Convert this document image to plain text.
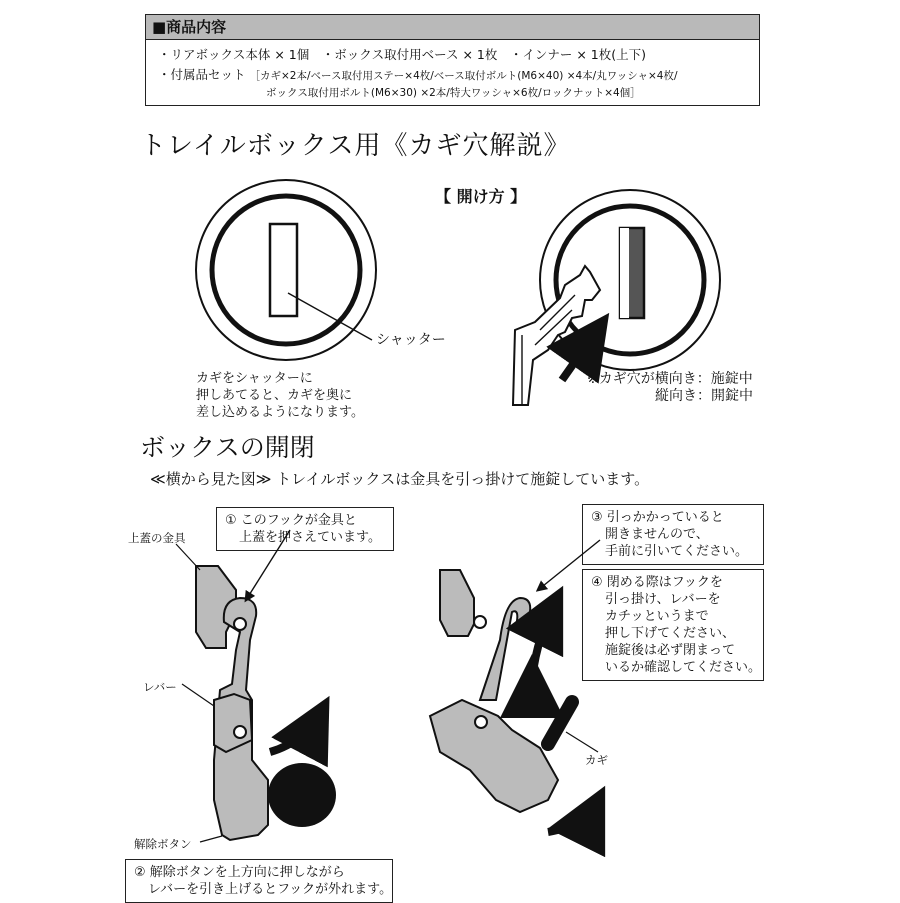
■商品内容
・リアボックス本体 × 1個　・ボックス取付用ベース × 1枚　・インナー × 1枚(上下)
・付属品セット ［カギ×2本/ベース取付用ステー×4枚/ベース取付ボルト(M6×40) ×4本/丸ワッシャ×4枚/
ボックス取付用ボルト(M6×30) ×2本/特大ワッシャ×6枚/ロックナット×4個］
トレイルボックス用《カギ穴解説》
【 開け方 】
シャッター
カギをシャッターに
押しあてると、カギを奥に
差し込めるようになります。
※カギ穴が横向き：施錠中
縦向き：開錠中
ボックスの開閉
≪横から見た図≫ トレイルボックスは金具を引っ掛けて施錠しています。
① このフックが金具と
上蓋を押さえています。
② 解除ボタンを上方向に押しながら
レバーを引き上げるとフックが外れます。
③ 引っかかっていると
開きませんので、
手前に引いてください。
④ 閉める際はフックを
引っ掛け、レバーを
カチッというまで
押し下げてください、
施錠後は必ず閉まって
いるか確認してください。
上蓋の金具
レバー
解除ボタン
カギ
